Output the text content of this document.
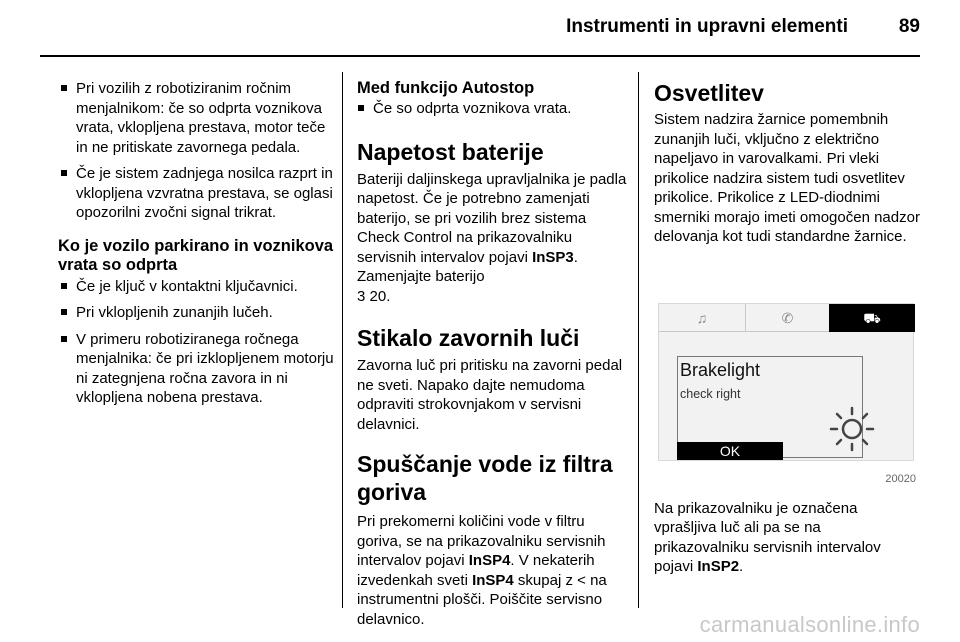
Instrumenti in upravni elementi	89
Pri vozilih z robotiziranim ročnim menjalnikom: če so odprta voznikova vrata, vklopljena prestava, motor teče in ne pritiskate zavornega pedala.
Če je sistem zadnjega nosilca razprt in vklopljena vzvratna prestava, se oglasi opozorilni zvočni signal trikrat.
Ko je vozilo parkirano in voznikova vrata so odprta
Če je ključ v kontaktni ključavnici.
Pri vklopljenih zunanjih lučeh.
V primeru robotiziranega ročnega menjalnika: če pri izklopljenem motorju ni zategnjena ročna zavora in ni vklopljena nobena prestava.
Med funkcijo Autostop
Če so odprta voznikova vrata.
Napetost baterije
Bateriji daljinskega upravljalnika je padla napetost. Če je potrebno zamenjati baterijo, se pri vozilih brez sistema Check Control na prikazovalniku servisnih intervalov pojavi InSP3. Zamenjajte baterijo
3 20.
Stikalo zavornih luči
Zavorna luč pri pritisku na zavorni pedal ne sveti. Napako dajte nemudoma odpraviti strokovnjakom v servisni delavnici.
Spuščanje vode iz filtra goriva
Pri prekomerni količini vode v filtru goriva, se na prikazovalniku servisnih intervalov pojavi InSP4. V nekaterih izvedenkah sveti InSP4 skupaj z < na instrumentni plošči. Poiščite servisno delavnico.
Osvetlitev
Sistem nadzira žarnice pomembnih zunanjih luči, vključno z električno napeljavo in varovalkami. Pri vleki prikolice nadzira sistem tudi osvetlitev prikolice. Prikolice z LED-diodnimi smerniki morajo imeti omogočen nadzor delovanja kot tudi standardne žarnice.
♫	✆	⛟
Brakelight
check right
OK
20020
Na prikazovalniku je označena vprašljiva luč ali pa se na prikazovalniku servisnih intervalov pojavi InSP2.
carmanualsonline.info
